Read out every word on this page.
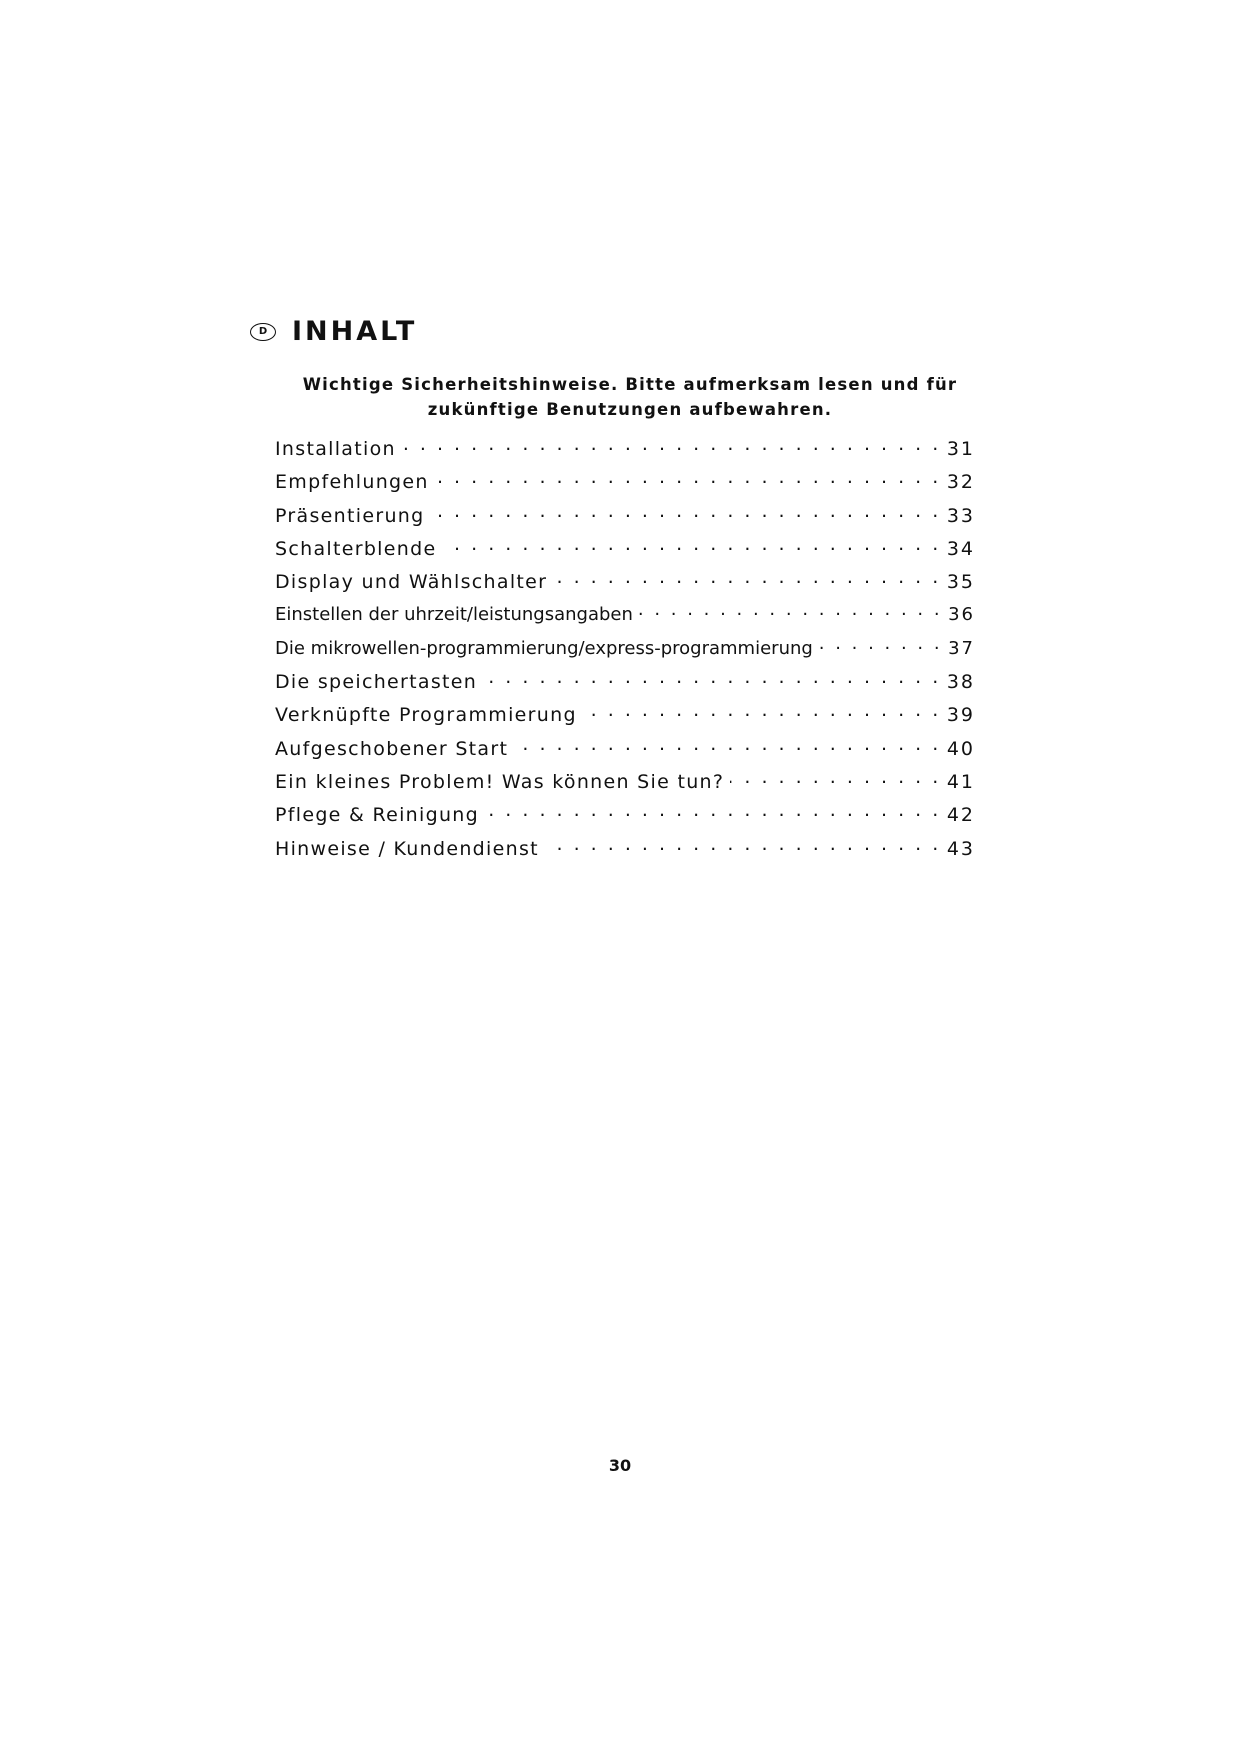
D INHALT

Wichtige Sicherheitshinweise. Bitte aufmerksam lesen und für
zukünftige Benutzungen aufbewahren.

Installation . . .	31
Empfehlungen . . .	32
Präsentierung . . .	33
Schalterblende . . .	34
Display und Wählschalter . . .	35
Einstellen der uhrzeit/leistungsangaben . . .	36
Die mikrowellen-programmierung/express-programmierung . . .	37
Die speichertasten . . .	38
Verknüpfte Programmierung . . .	39
Aufgeschobener Start . . .	40
Ein kleines Problem! Was können Sie tun? . . .	41
Pflege & Reinigung . . .	42
Hinweise / Kundendienst . . .	43
30
